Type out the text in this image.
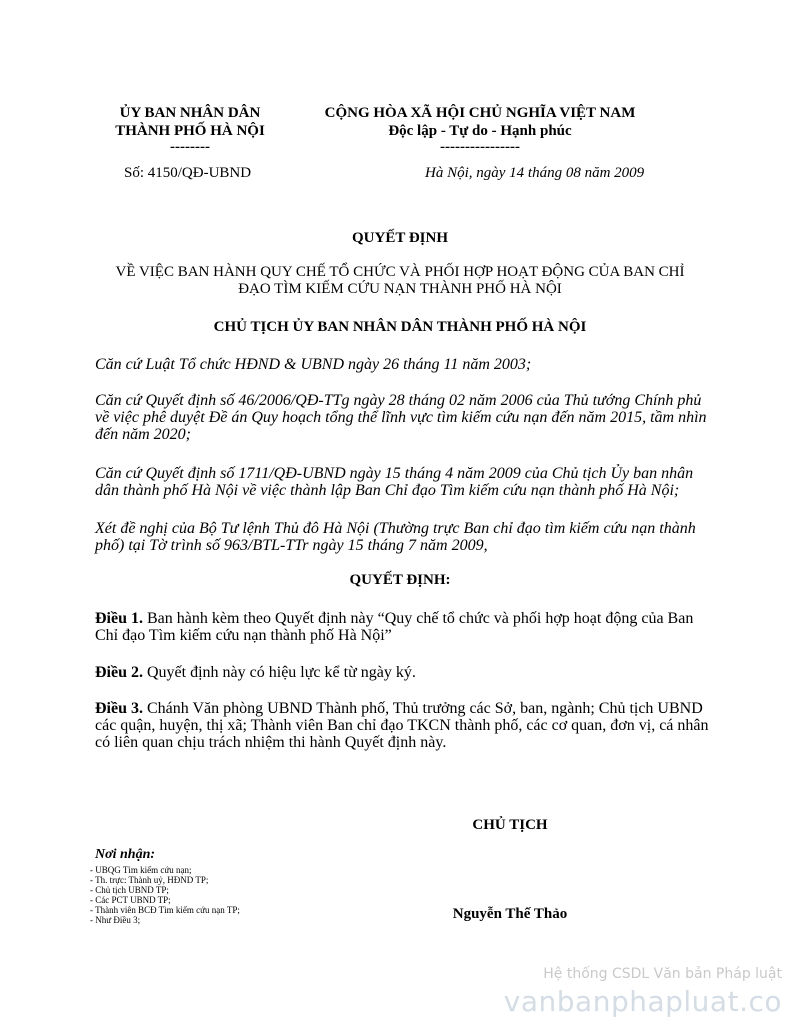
ỦY BAN NHÂN DÂN
THÀNH PHỐ HÀ NỘI
--------
Số: 4150/QĐ-UBND
CỘNG HÒA XÃ HỘI CHỦ NGHĨA VIỆT NAM
Độc lập - Tự do - Hạnh phúc
----------------
Hà Nội, ngày 14 tháng 08 năm 2009
QUYẾT ĐỊNH
VỀ VIỆC BAN HÀNH QUY CHẾ TỔ CHỨC VÀ PHỐI HỢP HOẠT ĐỘNG CỦA BAN CHỈ
ĐẠO TÌM KIẾM CỨU NẠN THÀNH PHỐ HÀ NỘI
CHỦ TỊCH ỦY BAN NHÂN DÂN THÀNH PHỐ HÀ NỘI
Căn cứ Luật Tổ chức HĐND & UBND ngày 26 tháng 11 năm 2003;
Căn cứ Quyết định số 46/2006/QĐ-TTg ngày 28 tháng 02 năm 2006 của Thủ tướng Chính phủ
về việc phê duyệt Đề án Quy hoạch tổng thể lĩnh vực tìm kiếm cứu nạn đến năm 2015, tầm nhìn
đến năm 2020;
Căn cứ Quyết định số 1711/QĐ-UBND ngày 15 tháng 4 năm 2009 của Chủ tịch Ủy ban nhân
dân thành phố Hà Nội về việc thành lập Ban Chỉ đạo Tìm kiếm cứu nạn thành phố Hà Nội;
Xét đề nghị của Bộ Tư lệnh Thủ đô Hà Nội (Thường trực Ban chỉ đạo tìm kiếm cứu nạn thành
phố) tại Tờ trình số 963/BTL-TTr ngày 15 tháng 7 năm 2009,
QUYẾT ĐỊNH:
Điều 1. Ban hành kèm theo Quyết định này “Quy chế tổ chức và phối hợp hoạt động của Ban
Chỉ đạo Tìm kiếm cứu nạn thành phố Hà Nội”
Điều 2. Quyết định này có hiệu lực kể từ ngày ký.
Điều 3. Chánh Văn phòng UBND Thành phố, Thủ trưởng các Sở, ban, ngành; Chủ tịch UBND
các quận, huyện, thị xã; Thành viên Ban chỉ đạo TKCN thành phố, các cơ quan, đơn vị, cá nhân
có liên quan chịu trách nhiệm thi hành Quyết định này.
CHỦ TỊCH
Nguyễn Thế Thảo
Nơi nhận:
- UBQG Tìm kiếm cứu nạn;
- Th. trực: Thành uỷ, HĐND TP;
- Chủ tịch UBND TP;
- Các PCT UBND TP;
- Thành viên BCĐ Tìm kiếm cứu nạn TP;
- Như Điều 3;
Hệ thống CSDL Văn bản Pháp luật
vanbanphapluat.co
